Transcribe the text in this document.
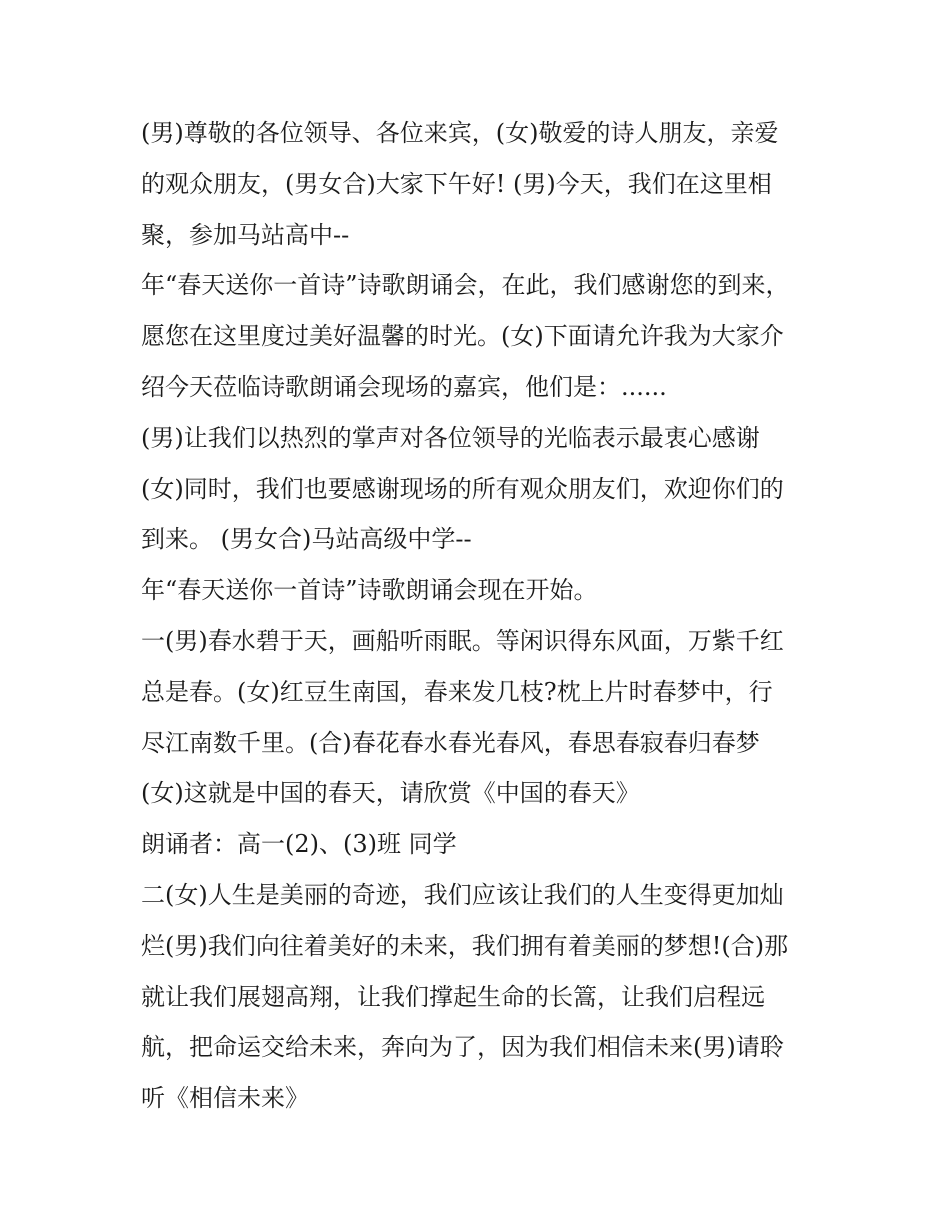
(男)尊敬的各位领导、各位来宾，(女)敬爱的诗人朋友，亲爱
的观众朋友，(男女合)大家下午好! (男)今天，我们在这里相
聚，参加马站高中--
年“春天送你一首诗”诗歌朗诵会，在此，我们感谢您的到来，
愿您在这里度过美好温馨的时光。(女)下面请允许我为大家介
绍今天莅临诗歌朗诵会现场的嘉宾，他们是：......
(男)让我们以热烈的掌声对各位领导的光临表示最衷心感谢
(女)同时，我们也要感谢现场的所有观众朋友们，欢迎你们的
到来。 (男女合)马站高级中学--
年“春天送你一首诗”诗歌朗诵会现在开始。
一(男)春水碧于天，画船听雨眠。等闲识得东风面，万紫千红
总是春。(女)红豆生南国，春来发几枝?枕上片时春梦中，行
尽江南数千里。(合)春花春水春光春风，春思春寂春归春梦
(女)这就是中国的春天，请欣赏《中国的春天》
朗诵者：高一(2)、(3)班 同学
二(女)人生是美丽的奇迹，我们应该让我们的人生变得更加灿
烂(男)我们向往着美好的未来，我们拥有着美丽的梦想!(合)那
就让我们展翅高翔，让我们撑起生命的长篙，让我们启程远
航，把命运交给未来，奔向为了，因为我们相信未来(男)请聆
听《相信未来》
